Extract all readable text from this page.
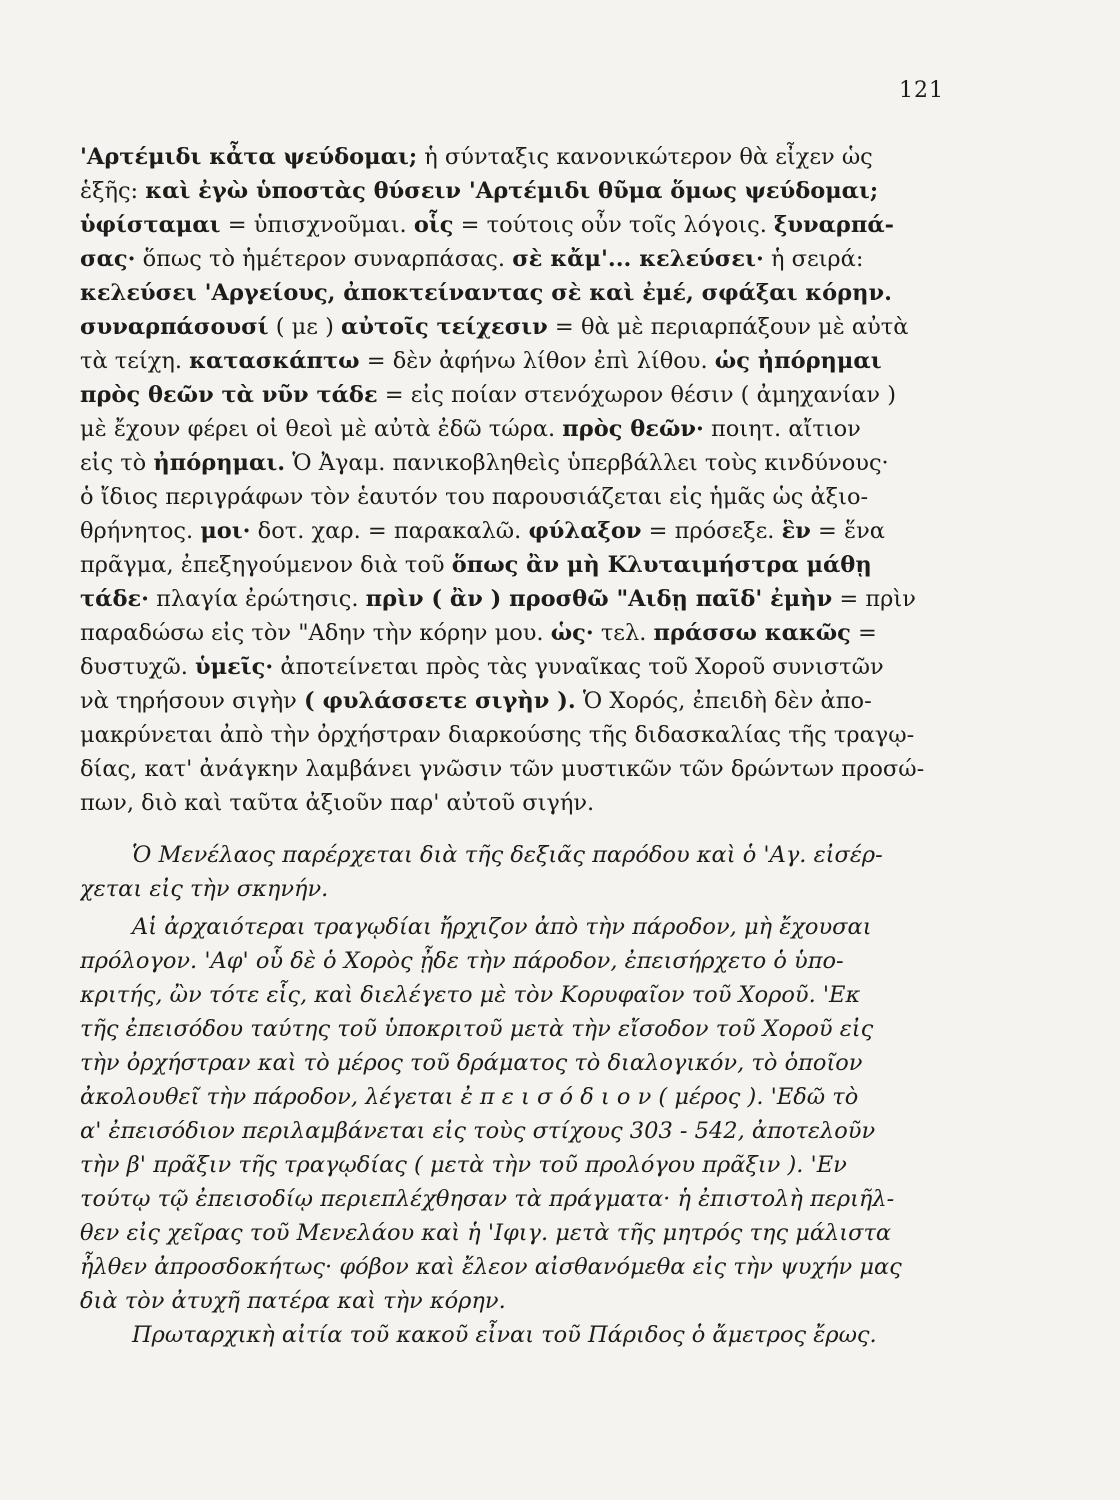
121
'Αρτέμιδι κἆτα ψεύδομαι; ἡ σύνταξις κανονικώτερον θὰ εἶχεν ὡς
ἑξῆς: καὶ ἐγὼ ὑποστὰς θύσειν 'Αρτέμιδι θῦμα ὅμως ψεύδομαι;
ὑφίσταμαι = ὑπισχνοῦμαι. οἷς = τούτοις οὖν τοῖς λόγοις. ξυναρπά-
σας· ὅπως τὸ ἡμέτερον συναρπάσας. σὲ κἄμ'... κελεύσει· ἡ σειρά:
κελεύσει 'Αργείους, ἀποκτείναντας σὲ καὶ ἐμέ, σφάξαι κόρην.
συναρπάσουσί ( με ) αὐτοῖς τείχεσιν = θὰ μὲ περιαρπάξουν μὲ αὐτὰ
τὰ τείχη. κατασκάπτω = δὲν ἀφήνω λίθον ἐπὶ λίθου. ὡς ἠπόρημαι
πρὸς θεῶν τὰ νῦν τάδε = εἰς ποίαν στενόχωρον θέσιν ( ἀμηχανίαν )
μὲ ἔχουν φέρει οἱ θεοὶ μὲ αὐτὰ ἐδῶ τώρα. πρὸς θεῶν· ποιητ. αἴτιον
εἰς τὸ ἠπόρημαι. Ὁ Ἀγαμ. πανικοβληθεὶς ὑπερβάλλει τοὺς κινδύνους·
ὁ ἴδιος περιγράφων τὸν ἑαυτόν του παρουσιάζεται εἰς ἡμᾶς ὡς ἀξιο-
θρήνητος. μοι· δοτ. χαρ. = παρακαλῶ. φύλαξον = πρόσεξε. ἓν = ἕνα
πρᾶγμα, ἐπεξηγούμενον διὰ τοῦ ὅπως ἂν μὴ Κλυταιμήστρα μάθῃ
τάδε· πλαγία ἐρώτησις. πρὶν ( ἂν ) προσθῶ "Αιδῃ παῖδ' ἐμὴν = πρὶν
παραδώσω εἰς τὸν "Αδην τὴν κόρην μου. ὡς· τελ. πράσσω κακῶς =
δυστυχῶ. ὑμεῖς· ἀποτείνεται πρὸς τὰς γυναῖκας τοῦ Χοροῦ συνιστῶν
νὰ τηρήσουν σιγὴν ( φυλάσσετε σιγὴν ). Ὁ Χορός, ἐπειδὴ δὲν ἀπο-
μακρύνεται ἀπὸ τὴν ὀρχήστραν διαρκούσης τῆς διδασκαλίας τῆς τραγῳ-
δίας, κατ' ἀνάγκην λαμβάνει γνῶσιν τῶν μυστικῶν τῶν δρώντων προσώ-
πων, διὸ καὶ ταῦτα ἀξιοῦν παρ' αὐτοῦ σιγήν.
Ὁ Μενέλαος παρέρχεται διὰ τῆς δεξιᾶς παρόδου καὶ ὁ 'Αγ. εἰσέρ-
χεται εἰς τὴν σκηνήν.
Αἱ ἀρχαιότεραι τραγῳδίαι ἤρχιζον ἀπὸ τὴν πάροδον, μὴ ἔχουσαι
πρόλογον. 'Αφ' οὗ δὲ ὁ Χορὸς ᾖδε τὴν πάροδον, ἐπεισήρχετο ὁ ὑπο-
κριτής, ὢν τότε εἷς, καὶ διελέγετο μὲ τὸν Κορυφαῖον τοῦ Χοροῦ. 'Εκ
τῆς ἐπεισόδου ταύτης τοῦ ὑποκριτοῦ μετὰ τὴν εἴσοδον τοῦ Χοροῦ εἰς
τὴν ὀρχήστραν καὶ τὸ μέρος τοῦ δράματος τὸ διαλογικόν, τὸ ὁποῖον
ἀκολουθεῖ τὴν πάροδον, λέγεται ἐ π ε ι σ ό δ ι ο ν ( μέρος ). 'Εδῶ τὸ
α' ἐπεισόδιον περιλαμβάνεται εἰς τοὺς στίχους 303 - 542, ἀποτελοῦν
τὴν β' πρᾶξιν τῆς τραγῳδίας ( μετὰ τὴν τοῦ προλόγου πρᾶξιν ). 'Εν
τούτῳ τῷ ἐπεισοδίῳ περιεπλέχθησαν τὰ πράγματα· ἡ ἐπιστολὴ περιῆλ-
θεν εἰς χεῖρας τοῦ Μενελάου καὶ ἡ 'Ιφιγ. μετὰ τῆς μητρός της μάλιστα
ἦλθεν ἀπροσδοκήτως· φόβον καὶ ἔλεον αἰσθανόμεθα εἰς τὴν ψυχήν μας
διὰ τὸν ἀτυχῆ πατέρα καὶ τὴν κόρην.
Πρωταρχικὴ αἰτία τοῦ κακοῦ εἶναι τοῦ Πάριδος ὁ ἄμετρος ἔρως.
